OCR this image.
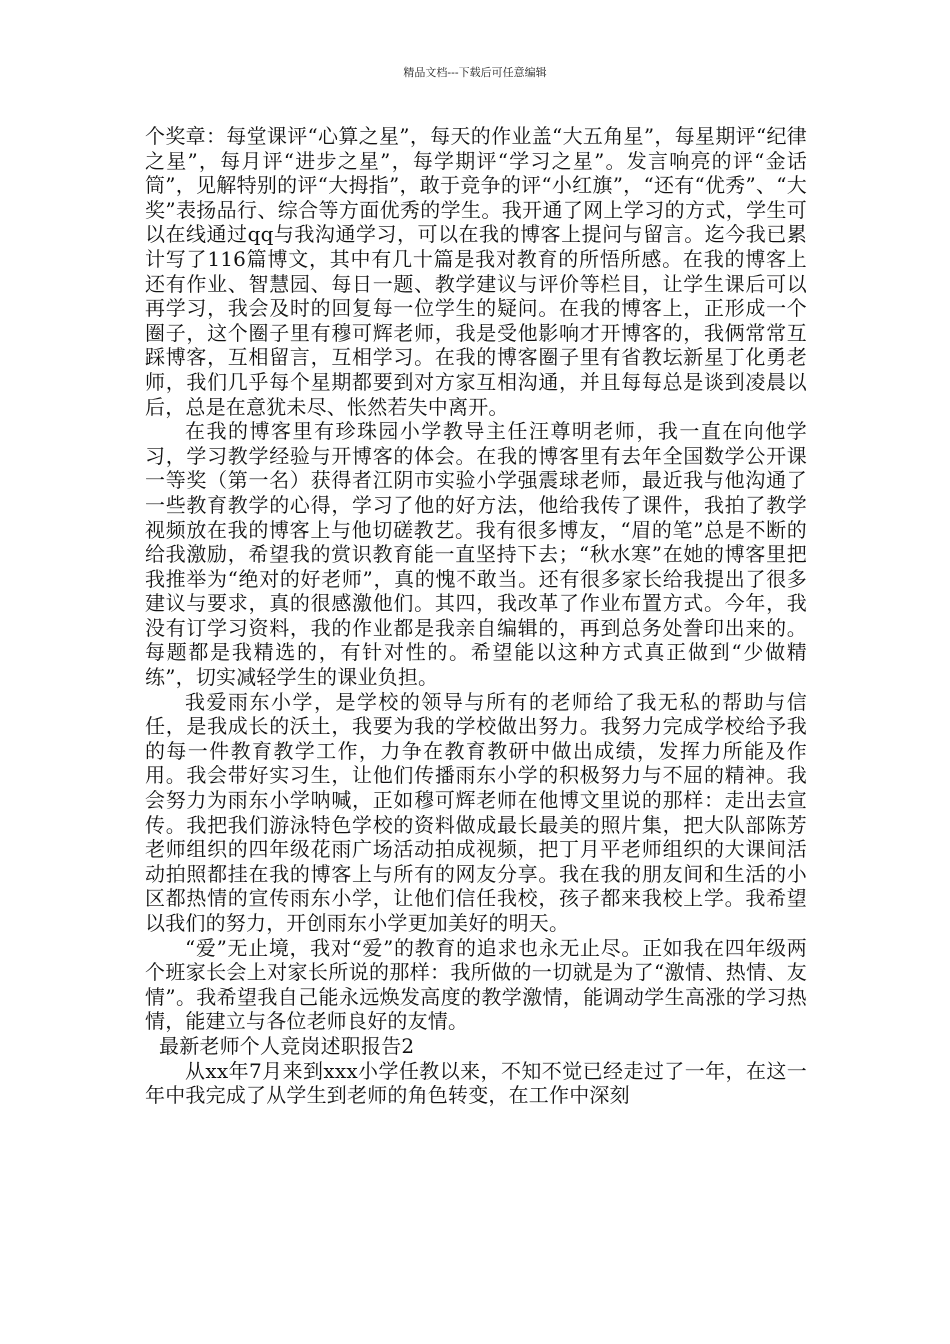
精品文档---下载后可任意编辑

个奖章：每堂课评“心算之星”，每天的作业盖“大五角星”，每星期评“纪律之星”，每月评“进步之星”，每学期评“学习之星”。发言响亮的评“金话筒”，见解特别的评“大拇指”，敢于竞争的评“小红旗”，“还有“优秀”、“大奖”表扬品行、综合等方面优秀的学生。我开通了网上学习的方式，学生可以在线通过qq与我沟通学习，可以在我的博客上提问与留言。迄今我已累计写了116篇博文，其中有几十篇是我对教育的所悟所感。在我的博客上还有作业、智慧园、每日一题、教学建议与评价等栏目，让学生课后可以再学习，我会及时的回复每一位学生的疑问。在我的博客上，正形成一个圈子，这个圈子里有穆可辉老师，我是受他影响才开博客的，我俩常常互踩博客，互相留言，互相学习。在我的博客圈子里有省教坛新星丁化勇老师，我们几乎每个星期都要到对方家互相沟通，并且每每总是谈到凌晨以后，总是在意犹未尽、怅然若失中离开。

在我的博客里有珍珠园小学教导主任汪尊明老师，我一直在向他学习，学习教学经验与开博客的体会。在我的博客里有去年全国数学公开课一等奖（第一名）获得者江阴市实验小学强震球老师，最近我与他沟通了一些教育教学的心得，学习了他的好方法，他给我传了课件，我拍了教学视频放在我的博客上与他切磋教艺。我有很多博友，“眉的笔”总是不断的给我激励，希望我的赏识教育能一直坚持下去；“秋水寒”在她的博客里把我推举为“绝对的好老师”，真的愧不敢当。还有很多家长给我提出了很多建议与要求，真的很感激他们。其四，我改革了作业布置方式。今年，我没有订学习资料，我的作业都是我亲自编辑的，再到总务处誊印出来的。每题都是我精选的，有针对性的。希望能以这种方式真正做到“少做精练”，切实减轻学生的课业负担。

我爱雨东小学，是学校的领导与所有的老师给了我无私的帮助与信任，是我成长的沃土，我要为我的学校做出努力。我努力完成学校给予我的每一件教育教学工作，力争在教育教研中做出成绩，发挥力所能及作用。我会带好实习生，让他们传播雨东小学的积极努力与不屈的精神。我会努力为雨东小学呐喊，正如穆可辉老师在他博文里说的那样：走出去宣传。我把我们游泳特色学校的资料做成最长最美的照片集，把大队部陈芳老师组织的四年级花雨广场活动拍成视频，把丁月平老师组织的大课间活动拍照都挂在我的博客上与所有的网友分享。我在我的朋友间和生活的小区都热情的宣传雨东小学，让他们信任我校，孩子都来我校上学。我希望以我们的努力，开创雨东小学更加美好的明天。

“爱”无止境，我对“爱”的教育的追求也永无止尽。正如我在四年级两个班家长会上对家长所说的那样：我所做的一切就是为了“激情、热情、友情”。我希望我自己能永远焕发高度的教学激情，能调动学生高涨的学习热情，能建立与各位老师良好的友情。

最新老师个人竞岗述职报告2

从xx年7月来到xxx小学任教以来，不知不觉已经走过了一年，在这一年中我完成了从学生到老师的角色转变，在工作中深刻
